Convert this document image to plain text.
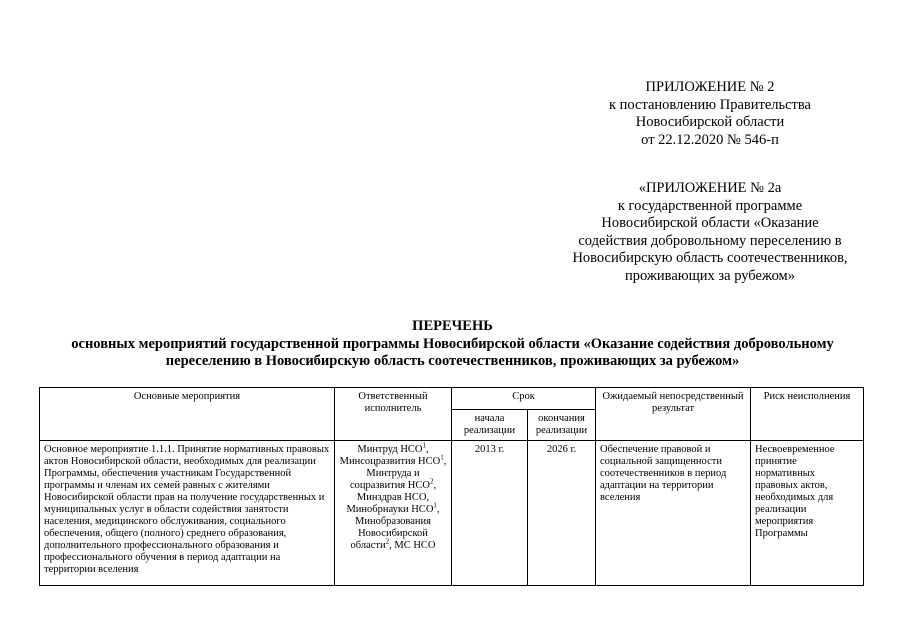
ПРИЛОЖЕНИЕ № 2
к постановлению Правительства
Новосибирской области
от 22.12.2020 № 546-п
«ПРИЛОЖЕНИЕ № 2а
к государственной программе
Новосибирской области «Оказание
содействия добровольному переселению в
Новосибирскую область соотечественников,
проживающих за рубежом»
ПЕРЕЧЕНЬ
основных мероприятий государственной программы Новосибирской области «Оказание содействия добровольному
переселению в Новосибирскую область соотечественников, проживающих за рубежом»
Основные мероприятия	Ответственный исполнитель	Срок		Ожидаемый непосредственный результат	Риск неисполнения
		начала реализации	окончания реализации		
Основное мероприятие 1.1.1. Принятие нормативных правовых актов Новосибирской области, необходимых для реализации Программы, обеспечения участникам Государственной программы и членам их семей равных с жителями Новосибирской области прав на получение государственных и муниципальных услуг в области содействия занятости населения, медицинского обслуживания, социального обеспечения, общего (полного) среднего образования, дополнительного профессионального образования и профессионального обучения в период адаптации на территории вселения	Минтруд НСО$^1$, Минсоцразвития НСО$^1$, Минтруда и соцразвития НСО$^2$, Минздрав НСО, Минобрнауки НСО$^1$, Минобразования Новосибирской области$^2$, МС НСО	2013 г.	2026 г.	Обеспечение правовой и социальной защищенности соотечественников в период адаптации на территории вселения	Несвоевременное принятие нормативных правовых актов, необходимых для реализации мероприятия Программы
